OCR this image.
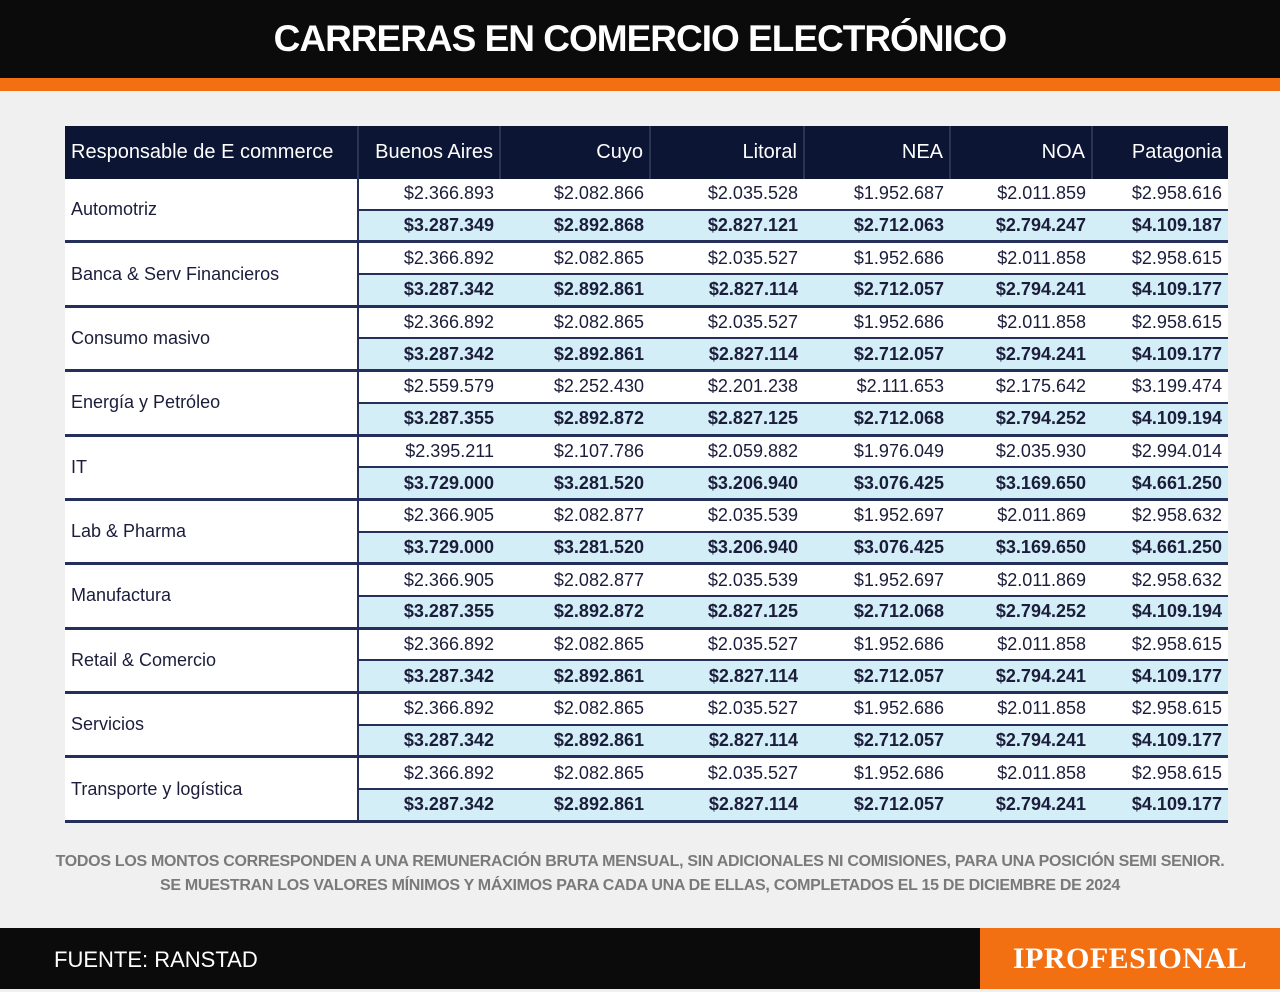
CARRERAS EN COMERCIO ELECTRÓNICO
Responsable de E commerce	Buenos Aires	Cuyo	Litoral	NEA	NOA	Patagonia
Automotriz	$2.366.893	$2.082.866	$2.035.528	$1.952.687	$2.011.859	$2.958.616
	$3.287.349	$2.892.868	$2.827.121	$2.712.063	$2.794.247	$4.109.187
Banca & Serv Financieros	$2.366.892	$2.082.865	$2.035.527	$1.952.686	$2.011.858	$2.958.615
	$3.287.342	$2.892.861	$2.827.114	$2.712.057	$2.794.241	$4.109.177
Consumo masivo	$2.366.892	$2.082.865	$2.035.527	$1.952.686	$2.011.858	$2.958.615
	$3.287.342	$2.892.861	$2.827.114	$2.712.057	$2.794.241	$4.109.177
Energía y Petróleo	$2.559.579	$2.252.430	$2.201.238	$2.111.653	$2.175.642	$3.199.474
	$3.287.355	$2.892.872	$2.827.125	$2.712.068	$2.794.252	$4.109.194
IT	$2.395.211	$2.107.786	$2.059.882	$1.976.049	$2.035.930	$2.994.014
	$3.729.000	$3.281.520	$3.206.940	$3.076.425	$3.169.650	$4.661.250
Lab & Pharma	$2.366.905	$2.082.877	$2.035.539	$1.952.697	$2.011.869	$2.958.632
	$3.729.000	$3.281.520	$3.206.940	$3.076.425	$3.169.650	$4.661.250
Manufactura	$2.366.905	$2.082.877	$2.035.539	$1.952.697	$2.011.869	$2.958.632
	$3.287.355	$2.892.872	$2.827.125	$2.712.068	$2.794.252	$4.109.194
Retail & Comercio	$2.366.892	$2.082.865	$2.035.527	$1.952.686	$2.011.858	$2.958.615
	$3.287.342	$2.892.861	$2.827.114	$2.712.057	$2.794.241	$4.109.177
Servicios	$2.366.892	$2.082.865	$2.035.527	$1.952.686	$2.011.858	$2.958.615
	$3.287.342	$2.892.861	$2.827.114	$2.712.057	$2.794.241	$4.109.177
Transporte y logística	$2.366.892	$2.082.865	$2.035.527	$1.952.686	$2.011.858	$2.958.615
	$3.287.342	$2.892.861	$2.827.114	$2.712.057	$2.794.241	$4.109.177
TODOS LOS MONTOS CORRESPONDEN A UNA REMUNERACIÓN BRUTA MENSUAL, SIN ADICIONALES NI COMISIONES, PARA UNA POSICIÓN SEMI SENIOR.
SE MUESTRAN LOS VALORES MÍNIMOS Y MÁXIMOS PARA CADA UNA DE ELLAS, COMPLETADOS EL 15 DE DICIEMBRE DE 2024
FUENTE: RANSTAD	IPROFESIONAL
